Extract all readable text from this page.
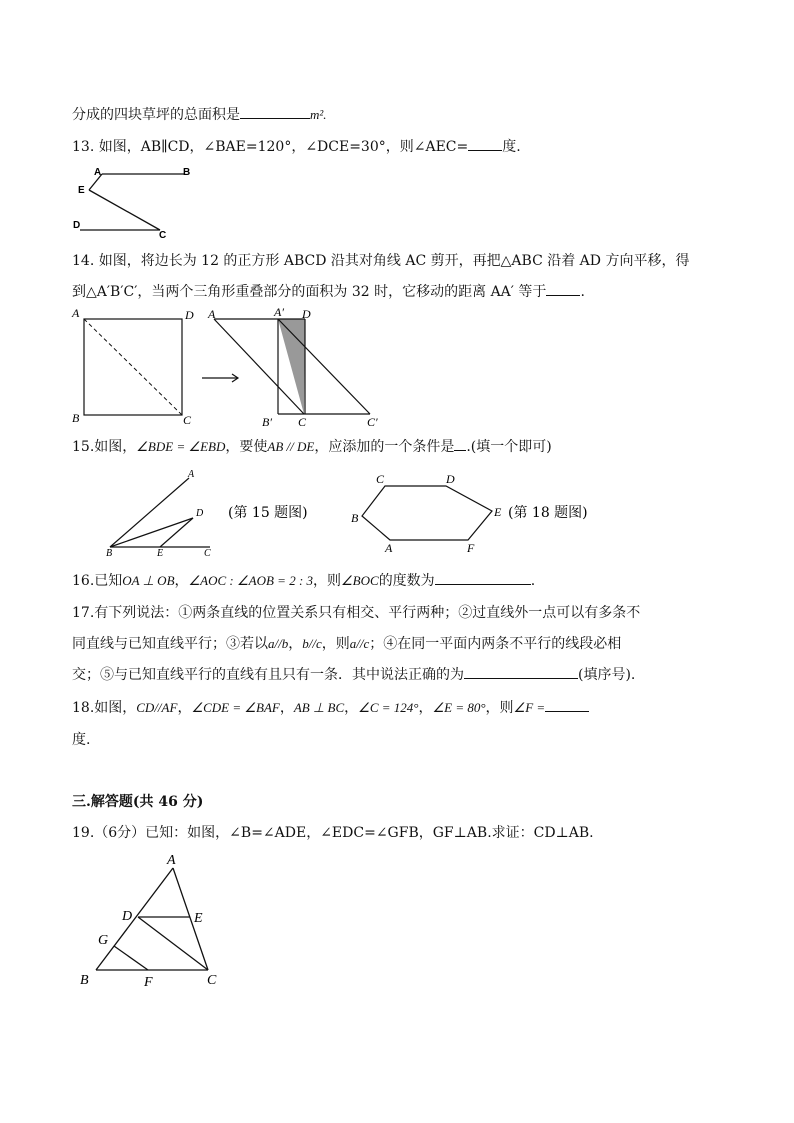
分成的四块草坪的总面积是	m².
13. 如图，AB∥CD，∠BAE=120°，∠DCE=30°，则∠AEC= 度.
A	B
E
D
C
14. 如图，将边长为 12 的正方形 ABCD 沿其对角线 AC 剪开，再把△ABC 沿着 AD 方向平移，得
到△A′B′C′，当两个三角形重叠部分的面积为 32 时，它移动的距离 AA′ 等于 .
A	D
B	C
A	A′ D
B′ C	C′
15.如图，∠BDE = ∠EBD，要使AB // DE，应添加的一个条件是 .(填一个即可)
A
D
B	E	C
(第 15 题图)
C	D
B	E
A	F
(第 18 题图)
16.已知OA ⊥ OB，∠AOC : ∠AOB = 2 : 3，则∠BOC的度数为	.
17.有下列说法：①两条直线的位置关系只有相交、平行两种；②过直线外一点可以有多条不
同直线与已知直线平行；③若以a//b，b//c，则a//c；④在同一平面内两条不平行的线段必相
交；⑤与已知直线平行的直线有且只有一条．其中说法正确的为	(填序号).
18.如图，CD//AF，∠CDE = ∠BAF，AB ⊥ BC，∠C = 124°，∠E = 80°，则∠F =
度.
三.解答题(共 46 分)
19.（6分）已知：如图，∠B=∠ADE，∠EDC=∠GFB，GF⊥AB.求证：CD⊥AB.
A
D	E
G
B	F	C
